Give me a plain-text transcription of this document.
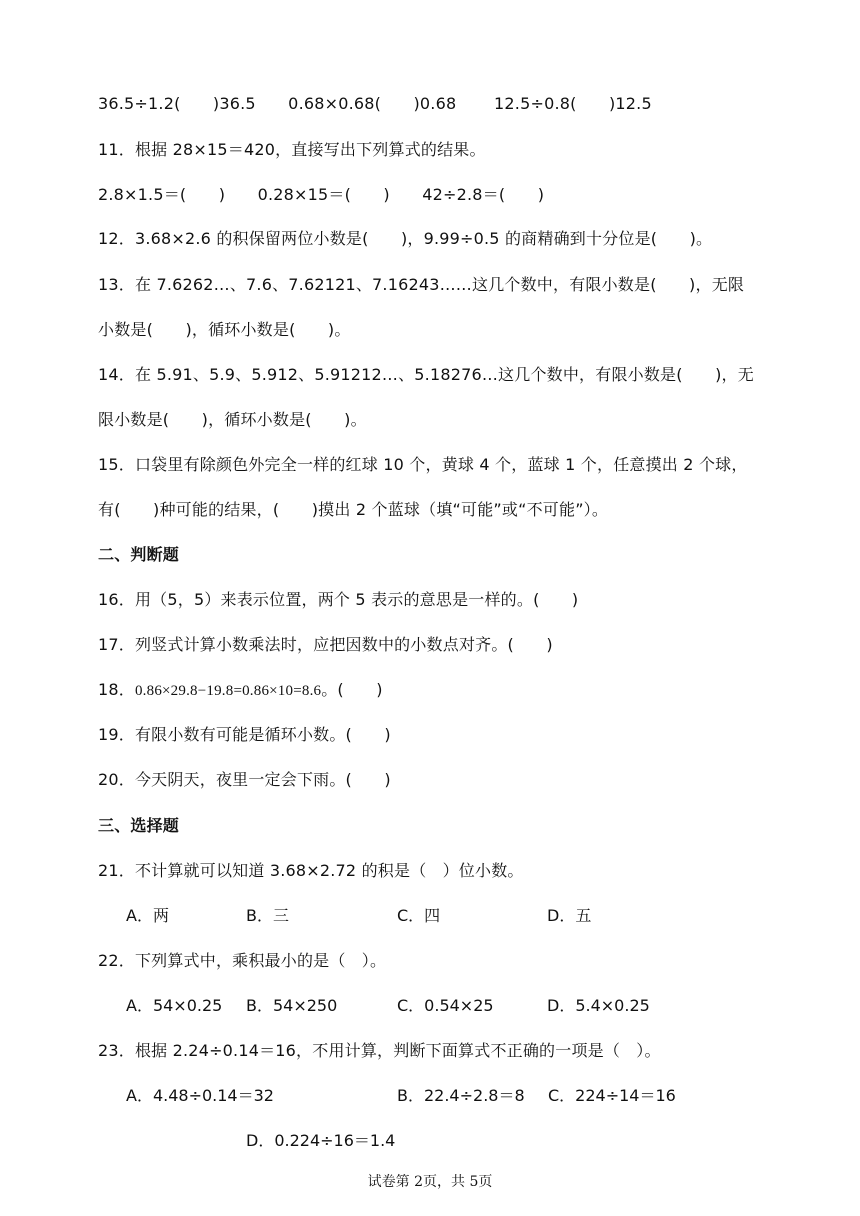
36.5÷1.2(　　)36.5　　0.68×0.68(　　)0.68　　 12.5÷0.8(　　)12.5
11．根据 28×15＝420，直接写出下列算式的结果。
2.8×1.5＝(　　)　　0.28×15＝(　　)　　42÷2.8＝(　　)
12．3.68×2.6 的积保留两位小数是(　　)，9.99÷0.5 的商精确到十分位是(　　)。
13．在 7.6262…、7.6、7.62121、7.16243……这几个数中，有限小数是(　　)，无限
小数是(　　)，循环小数是(　　)。
14．在 5.91、5.9、5.912、5.91212…、5.18276…这几个数中，有限小数是(　　)，无
限小数是(　　)，循环小数是(　　)。
15．口袋里有除颜色外完全一样的红球 10 个，黄球 4 个，蓝球 1 个，任意摸出 2 个球，
有(　　)种可能的结果，(　　)摸出 2 个蓝球（填“可能”或“不可能”）。
二、判断题
16．用（5，5）来表示位置，两个 5 表示的意思是一样的。(　　)
17．列竖式计算小数乘法时，应把因数中的小数点对齐。(　　)
18．0.86×29.8−19.8=0.86×10=8.6。(　　)
19．有限小数有可能是循环小数。(　　)
20．今天阴天，夜里一定会下雨。(　　)
三、选择题
21．不计算就可以知道 3.68×2.72 的积是（　）位小数。
A．两	B．三	C．四	D．五
22．下列算式中，乘积最小的是（　）。
A．54×0.25 B．54×250	C．0.54×25	D．5.4×0.25
23．根据 2.24÷0.14＝16，不用计算，判断下面算式不正确的一项是（　）。
A．4.48÷0.14＝32	B．22.4÷2.8＝8 C．224÷14＝16
D．0.224÷16＝1.4
试卷第 2页，共 5页
